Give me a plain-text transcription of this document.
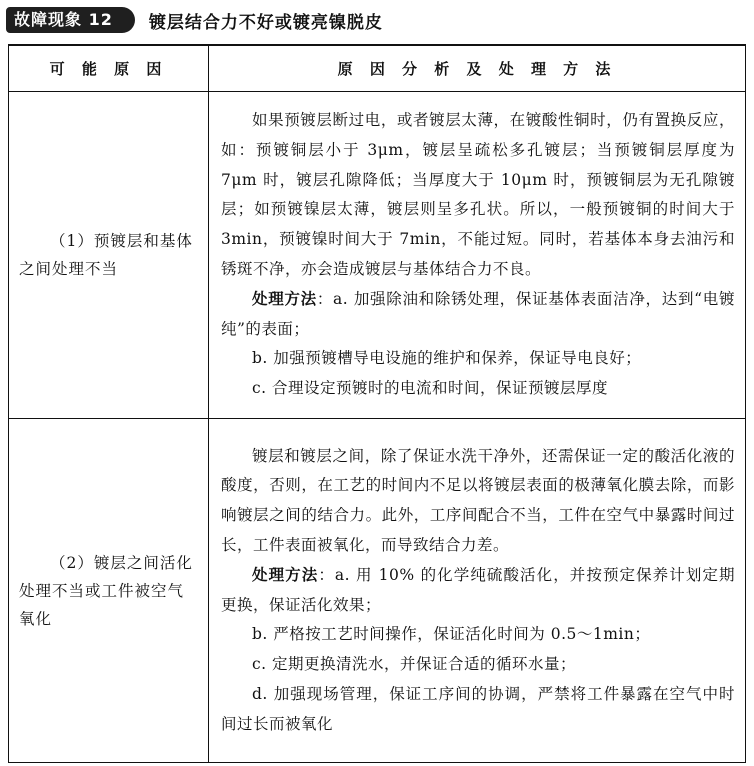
故障现象 12	镀层结合力不好或镀亮镍脱皮
可 能 原 因	原 因 分 析 及 处 理 方 法

（1）预镀层和基体之间处理不当	如果预镀层断过电，或者镀层太薄，在镀酸性铜时，仍有置换反应，如：预镀铜层小于 3μm，镀层呈疏松多孔镀层；当预镀铜层厚度为 7μm 时，镀层孔隙降低；当厚度大于 10μm 时，预镀铜层为无孔隙镀层；如预镀镍层太薄，镀层则呈多孔状。所以，一般预镀铜的时间大于 3min，预镀镍时间大于 7min，不能过短。同时，若基体本身去油污和锈斑不净，亦会造成镀层与基体结合力不良。

处理方法：a. 加强除油和除锈处理，保证基体表面洁净，达到“电镀纯”的表面；

b. 加强预镀槽导电设施的维护和保养，保证导电良好；

c. 合理设定预镀时的电流和时间，保证预镀层厚度

（2）镀层之间活化处理不当或工件被空气氧化	镀层和镀层之间，除了保证水洗干净外，还需保证一定的酸活化液的酸度，否则，在工艺的时间内不足以将镀层表面的极薄氧化膜去除，而影响镀层之间的结合力。此外，工序间配合不当，工件在空气中暴露时间过长，工件表面被氧化，而导致结合力差。

处理方法：a. 用 10% 的化学纯硫酸活化，并按预定保养计划定期更换，保证活化效果；

b. 严格按工艺时间操作，保证活化时间为 0.5～1min；

c. 定期更换清洗水，并保证合适的循环水量；

d. 加强现场管理，保证工序间的协调，严禁将工件暴露在空气中时间过长而被氧化
